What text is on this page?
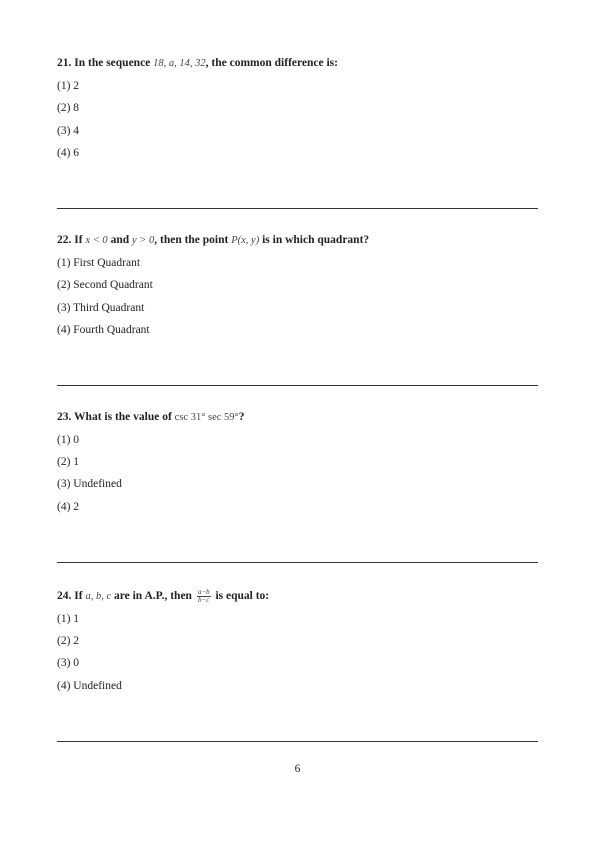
21. In the sequence 18, a, 14, 32, the common difference is:
(1) 2
(2) 8
(3) 4
(4) 6
22. If x < 0 and y > 0, then the point P(x, y) is in which quadrant?
(1) First Quadrant
(2) Second Quadrant
(3) Third Quadrant
(4) Fourth Quadrant
23. What is the value of csc 31° sec 59°?
(1) 0
(2) 1
(3) Undefined
(4) 2
24. If a, b, c are in A.P., then $\frac{a-b}{b-c}$ is equal to:
(1) 1
(2) 2
(3) 0
(4) Undefined
6
